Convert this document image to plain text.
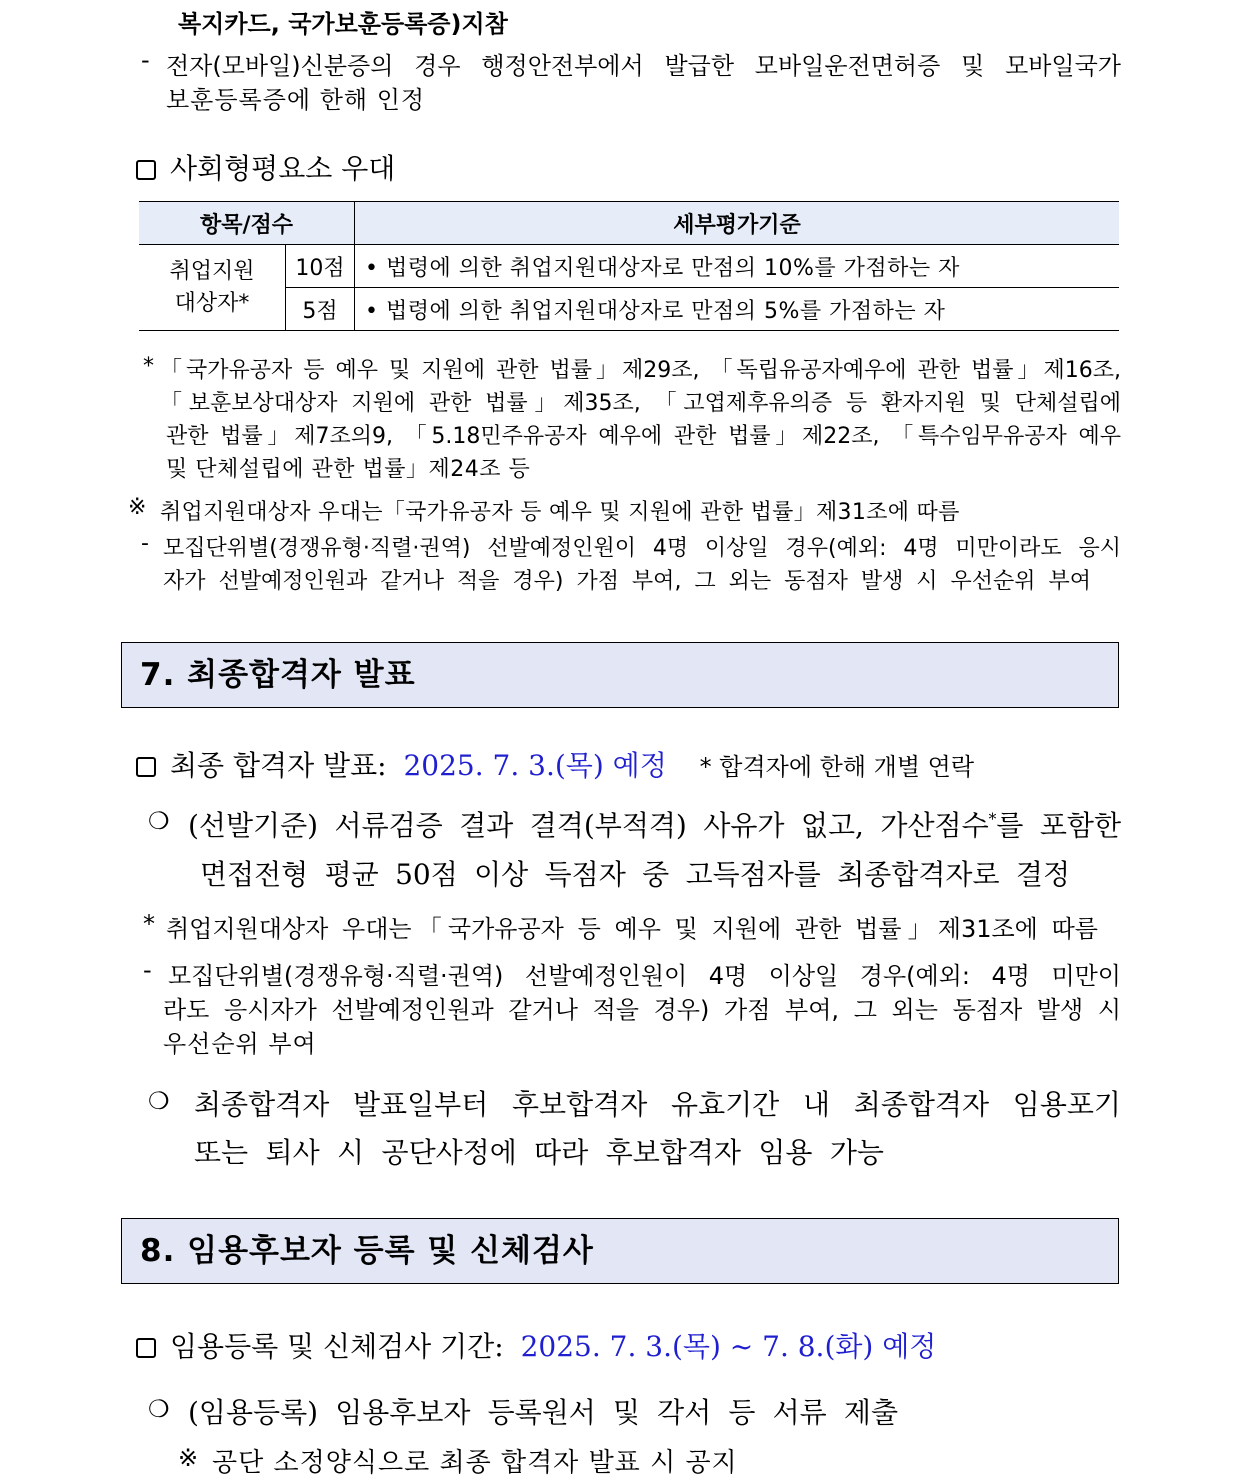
복지카드, 국가보훈등록증)지참
- 전자(모바일)신분증의 경우 행정안전부에서 발급한 모바일운전면허증 및 모바일국가
보훈등록증에 한해 인정
사회형평요소 우대
항목/점수		세부평가기준

취업지원
대상자*	10점	• 법령에 의한 취업지원대상자로 만점의 10%를 가점하는 자
	5점	• 법령에 의한 취업지원대상자로 만점의 5%를 가점하는 자
* 「국가유공자 등 예우 및 지원에 관한 법률」제29조, 「독립유공자예우에 관한 법률」제16조,
「보훈보상대상자 지원에 관한 법률」제35조, 「고엽제후유의증 등 환자지원 및 단체설립에
관한 법률」제7조의9, 「5.18민주유공자 예우에 관한 법률」제22조, 「특수임무유공자 예우
및 단체설립에 관한 법률」제24조 등
※ 취업지원대상자 우대는「국가유공자 등 예우 및 지원에 관한 법률」제31조에 따름
- 모집단위별(경쟁유형·직렬·권역) 선발예정인원이 4명 이상일 경우(예외: 4명 미만이라도 응시
자가 선발예정인원과 같거나 적을 경우) 가점 부여, 그 외는 동점자 발생 시 우선순위 부여
7. 최종합격자 발표
최종 합격자 발표: 2025. 7. 3.(목) 예정 * 합격자에 한해 개별 연락
❍ (선발기준) 서류검증 결과 결격(부적격) 사유가 없고, 가산점수*를 포함한
면접전형 평균 50점 이상 득점자 중 고득점자를 최종합격자로 결정
* 취업지원대상자 우대는「국가유공자 등 예우 및 지원에 관한 법률」제31조에 따름
- 모집단위별(경쟁유형·직렬·권역) 선발예정인원이 4명 이상일 경우(예외: 4명 미만이
라도 응시자가 선발예정인원과 같거나 적을 경우) 가점 부여, 그 외는 동점자 발생 시
우선순위 부여
❍ 최종합격자 발표일부터 후보합격자 유효기간 내 최종합격자 임용포기
또는 퇴사 시 공단사정에 따라 후보합격자 임용 가능
8. 임용후보자 등록 및 신체검사
임용등록 및 신체검사 기간: 2025. 7. 3.(목) ~ 7. 8.(화) 예정
❍ (임용등록) 임용후보자 등록원서 및 각서 등 서류 제출
※ 공단 소정양식으로 최종 합격자 발표 시 공지
